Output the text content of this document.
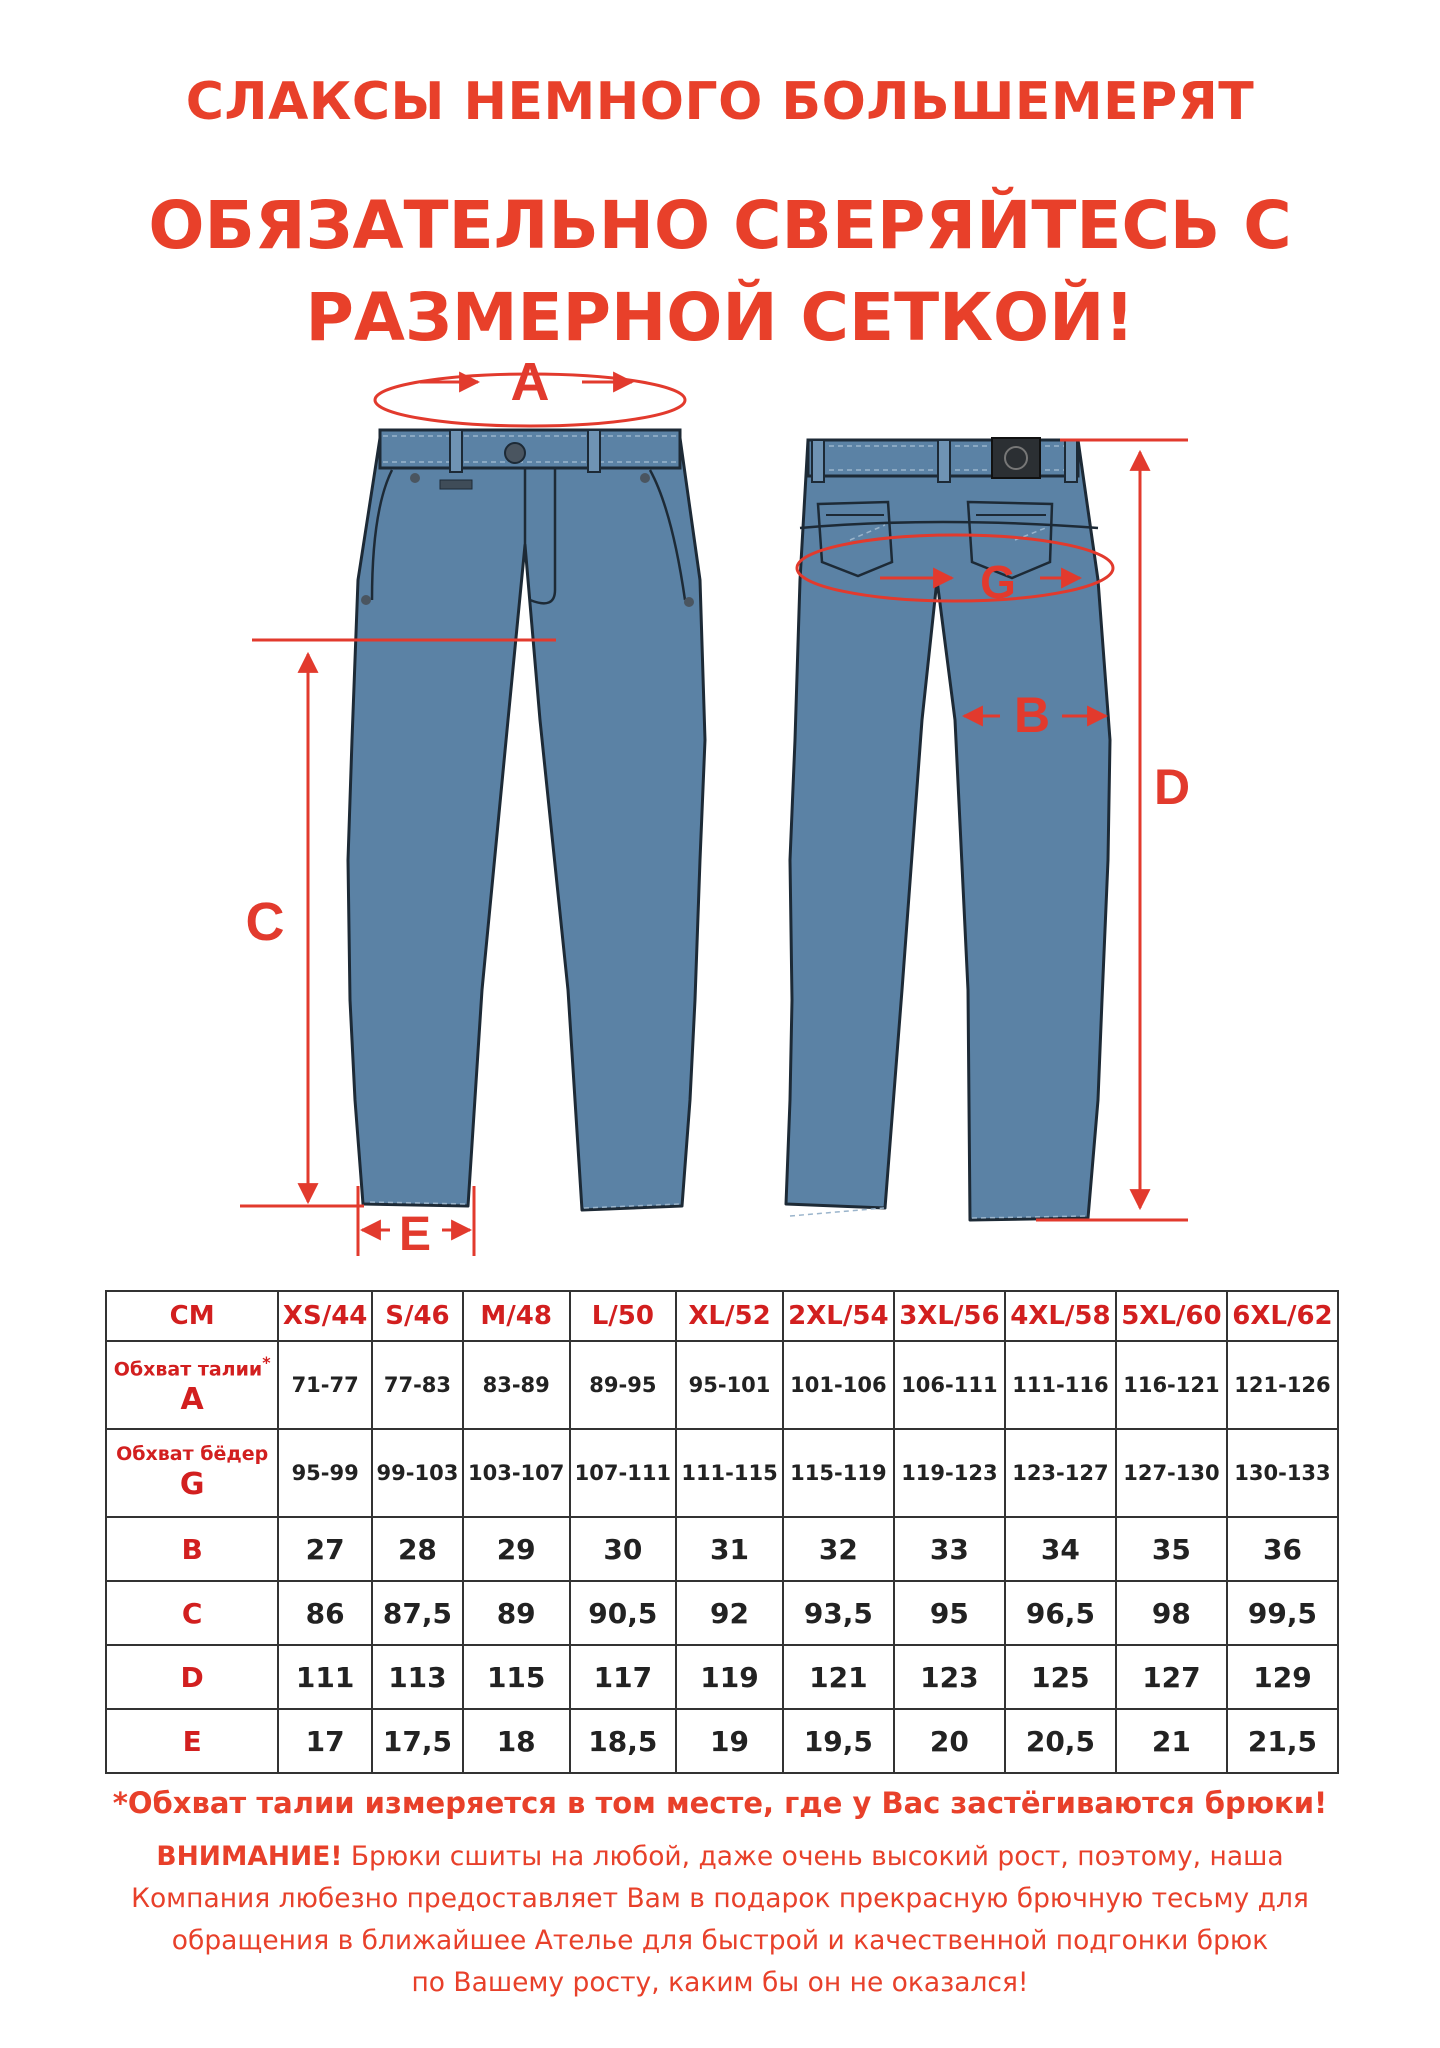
СЛАКСЫ НЕМНОГО БОЛЬШЕМЕРЯТ
ОБЯЗАТЕЛЬНО СВЕРЯЙТЕСЬ С
РАЗМЕРНОЙ СЕТКОЙ!
A
G
B
C
D
E
СМ	XS/44	S/46	M/48	L/50	XL/52	2XL/54	3XL/56	4XL/58	5XL/60	6XL/62

Обхват талии*
A	71-77	77-83	83-89	89-95	95-101	101-106	106-111	111-116	116-121	121-126

Обхват бёдер
G	95-99	99-103	103-107	107-111	111-115	115-119	119-123	123-127	127-130	130-133
B	27	28	29	30	31	32	33	34	35	36
C	86	87,5	89	90,5	92	93,5	95	96,5	98	99,5
D	111	113	115	117	119	121	123	125	127	129
E	17	17,5	18	18,5	19	19,5	20	20,5	21	21,5
*Обхват талии измеряется в том месте, где у Вас застёгиваются брюки!
ВНИМАНИЕ! Брюки сшиты на любой, даже очень высокий рост, поэтому, наша
Компания любезно предоставляет Вам в подарок прекрасную брючную тесьму для
обращения в ближайшее Ателье для быстрой и качественной подгонки брюк
по Вашему росту, каким бы он не оказался!
